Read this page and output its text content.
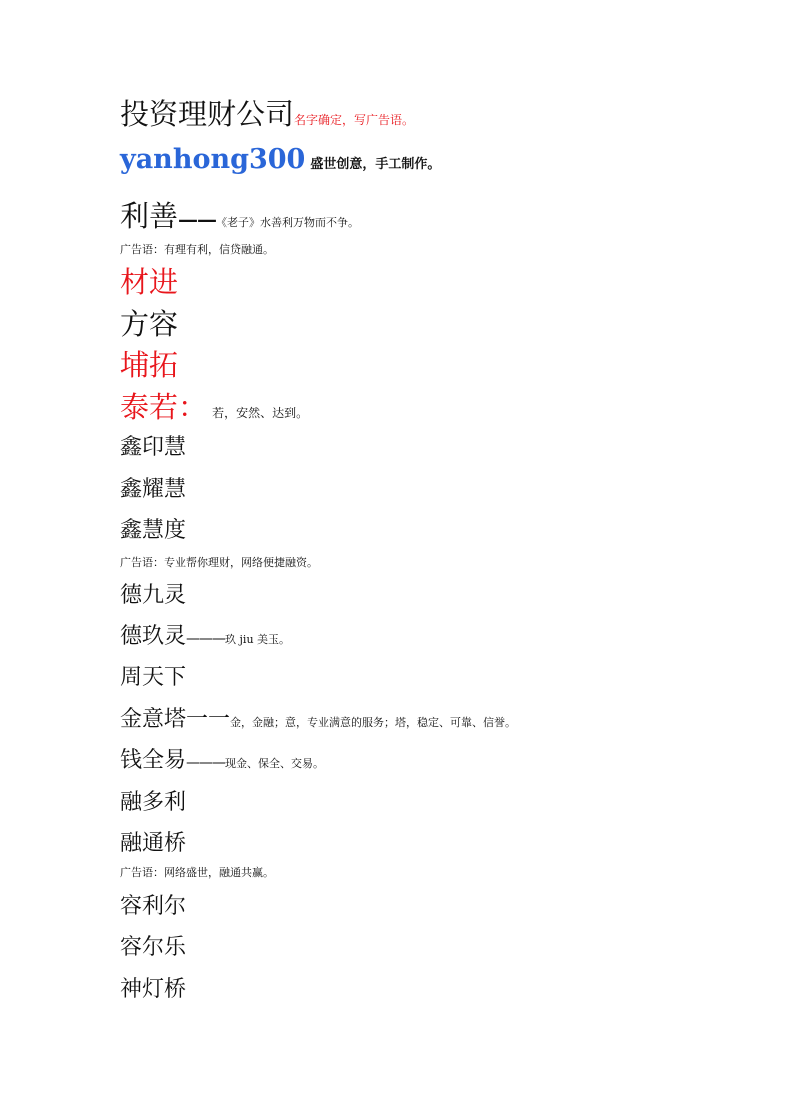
投资理财公司名字确定，写广告语。
yanhong300 盛世创意，手工制作。
利善——《老子》水善利万物而不争。
广告语：有理有利，信贷融通。
材进
方容
埔拓
泰若： 若，安然、达到。
鑫印慧
鑫耀慧
鑫慧度
广告语：专业帮你理财，网络便捷融资。
德九灵
德玖灵———玖 jiu 美玉。
周天下
金意塔一一金，金融；意，专业满意的服务；塔，稳定、可靠、信誉。
钱全易———现金、保全、交易。
融多利
融通桥
广告语：网络盛世，融通共赢。
容利尔
容尔乐
神灯桥
